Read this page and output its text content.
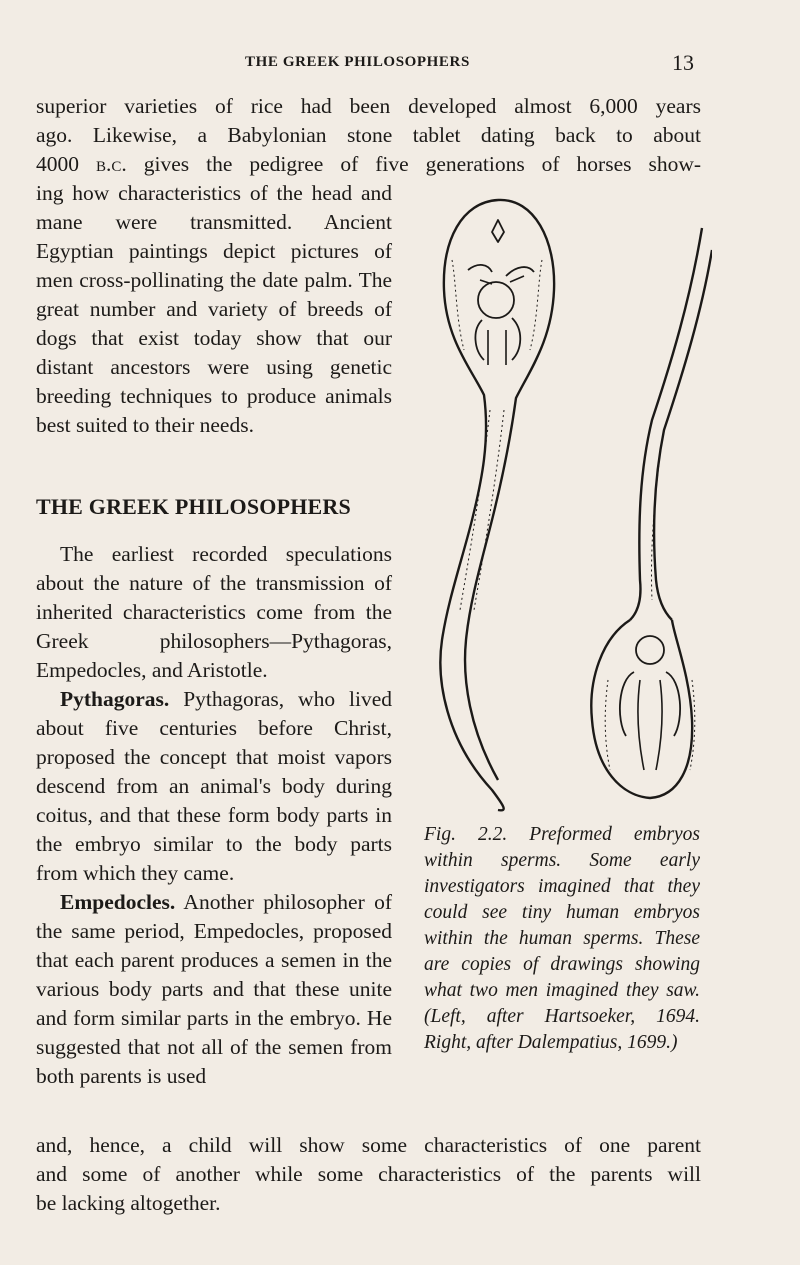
THE GREEK PHILOSOPHERS	13

superior varieties of rice had been developed almost 6,000 years

ago. Likewise, a Babylonian stone tablet dating back to about

4000 b.c. gives the pedigree of five generations of horses show-

ing how characteristics of the head and mane were transmitted. Ancient Egyptian paintings depict pictures of men cross-pollinating the date palm. The great number and variety of breeds of dogs that exist today show that our distant ancestors were using genetic breeding techniques to produce animals best suited to their needs.

THE GREEK PHILOSOPHERS

The earliest recorded speculations about the nature of the transmission of inherited characteristics come from the Greek philosophers—Pythagoras, Empedocles, and Aristotle.

Pythagoras. Pythagoras, who lived about five centuries before Christ, proposed the concept that moist vapors descend from an animal's body during coitus, and that these form body parts in the embryo similar to the body parts from which they came.

Empedocles. Another philosopher of the same period, Empedocles, proposed that each parent produces a semen in the various body parts and that these unite and form similar parts in the embryo. He suggested that not all of the semen from both parents is used

and, hence, a child will show some characteristics of one parent

and some of another while some characteristics of the parents will

be lacking altogether.

Fig. 2.2. Preformed embryos within sperms. Some early investigators imagined that they could see tiny human embryos within the human sperms. These are copies of drawings showing what two men imagined they saw. (Left, after Hartsoeker, 1694. Right, after Dalempatius, 1699.)
